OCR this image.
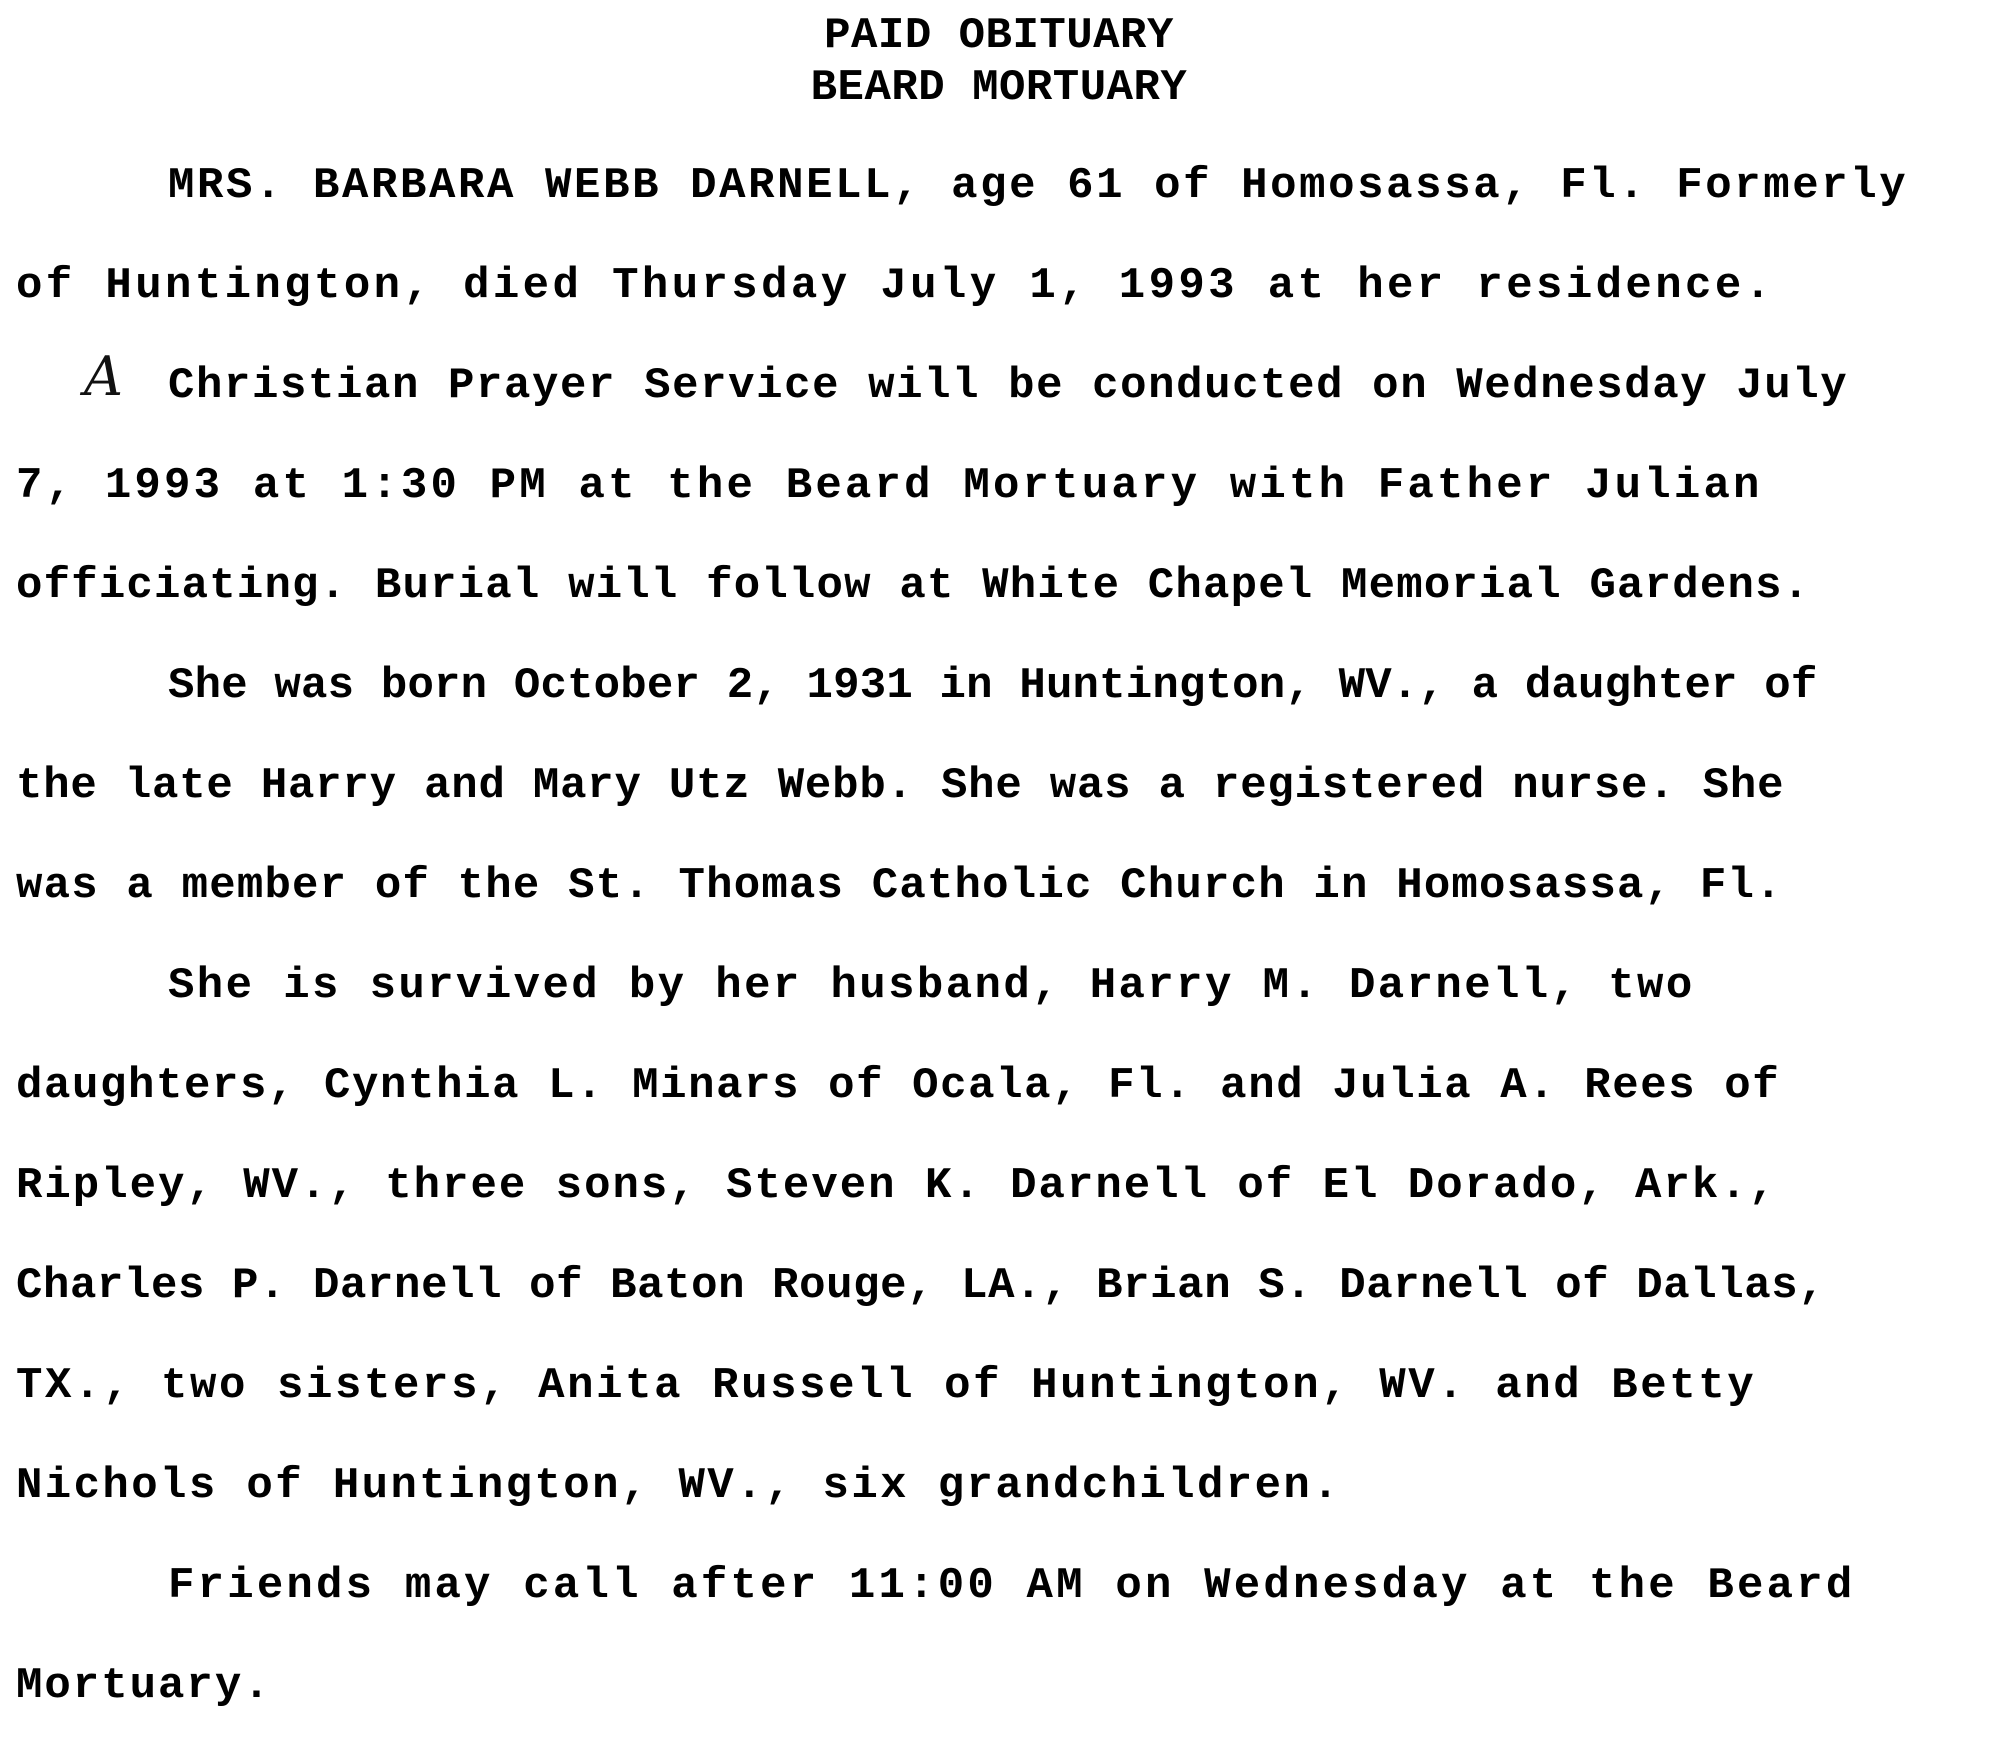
PAID OBITUARY
BEARD MORTUARY
MRS. BARBARA WEBB DARNELL, age 61 of Homosassa, Fl. Formerly
of Huntington, died Thursday July 1, 1993 at her residence.
A Christian Prayer Service will be conducted on Wednesday July
7, 1993 at 1:30 PM at the Beard Mortuary with Father Julian
officiating. Burial will follow at White Chapel Memorial Gardens.
She was born October 2, 1931 in Huntington, WV., a daughter of
the late Harry and Mary Utz Webb. She was a registered nurse. She
was a member of the St. Thomas Catholic Church in Homosassa, Fl.
She is survived by her husband, Harry M. Darnell, two
daughters, Cynthia L. Minars of Ocala, Fl. and Julia A. Rees of
Ripley, WV., three sons, Steven K. Darnell of El Dorado, Ark.,
Charles P. Darnell of Baton Rouge, LA., Brian S. Darnell of Dallas,
TX., two sisters, Anita Russell of Huntington, WV. and Betty
Nichols of Huntington, WV., six grandchildren.
Friends may call after 11:00 AM on Wednesday at the Beard
Mortuary.
